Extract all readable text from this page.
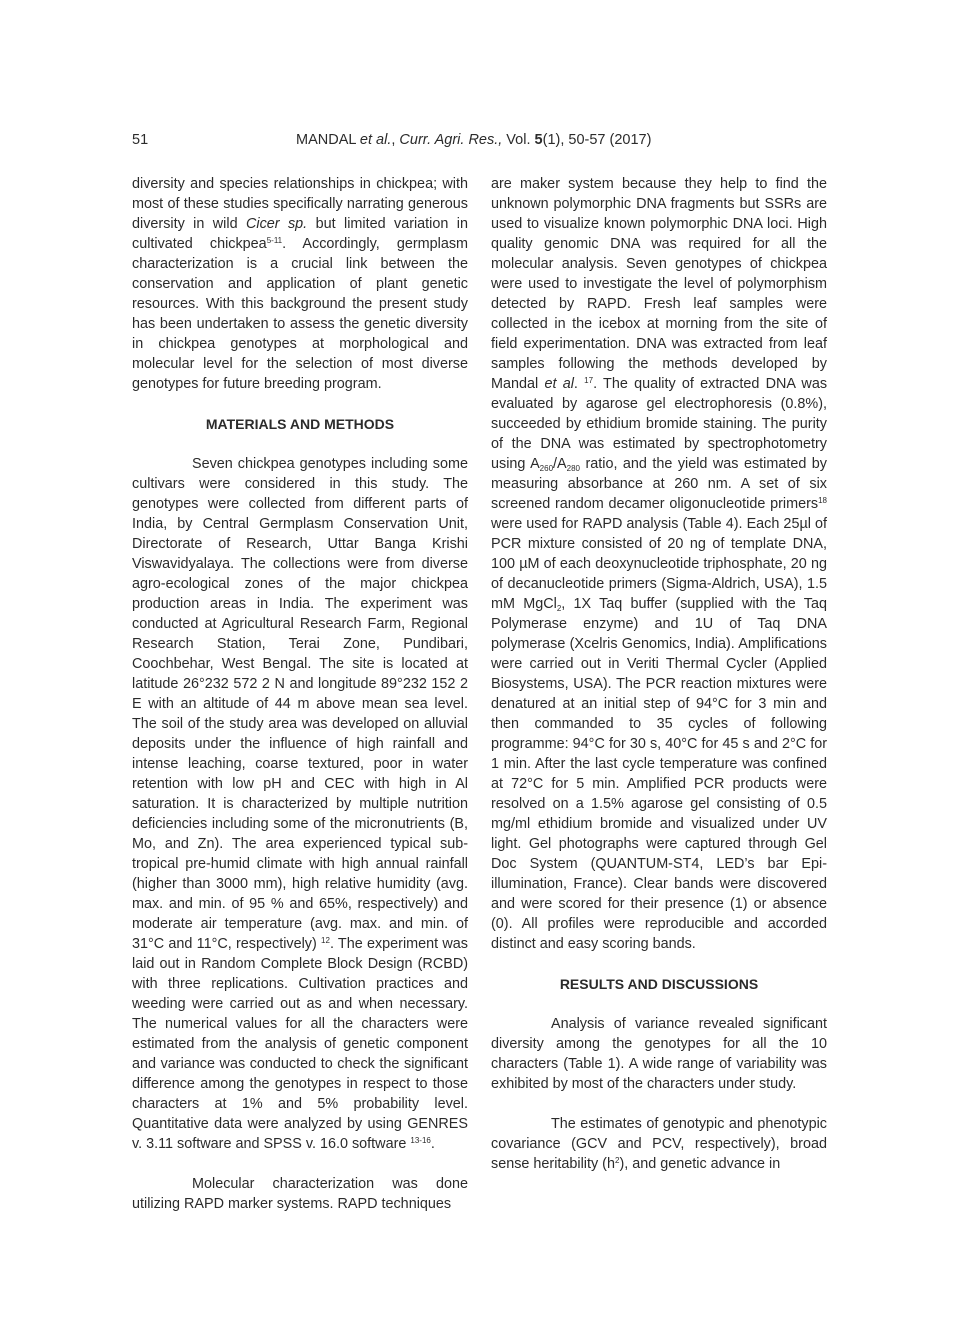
51	MANDAL et al., Curr. Agri. Res., Vol. 5(1), 50-57 (2017)

diversity and species relationships in chickpea; with most of these studies specifically narrating generous diversity in wild Cicer sp. but limited variation in cultivated chickpea$^{5-11}$. Accordingly, germplasm characterization is a crucial link between the conservation and application of plant genetic resources. With this background the present study has been undertaken to assess the genetic diversity in chickpea genotypes at morphological and molecular level for the selection of most diverse genotypes for future breeding program.

MATERIALS AND METHODS

Seven chickpea genotypes including some cultivars were considered in this study. The genotypes were collected from different parts of India, by Central Germplasm Conservation Unit, Directorate of Research, Uttar Banga Krishi Viswavidyalaya. The collections were from diverse agro-ecological zones of the major chickpea production areas in India. The experiment was conducted at Agricultural Research Farm, Regional Research Station, Terai Zone, Pundibari, Coochbehar, West Bengal. The site is located at latitude 26°232 572 2 N and longitude 89°232 152 2 E with an altitude of 44 m above mean sea level. The soil of the study area was developed on alluvial deposits under the influence of high rainfall and intense leaching, coarse textured, poor in water retention with low pH and CEC with high in Al saturation. It is characterized by multiple nutrition deficiencies including some of the micronutrients (B, Mo, and Zn). The area experienced typical sub-tropical pre-humid climate with high annual rainfall (higher than 3000 mm), high relative humidity (avg. max. and min. of 95 % and 65%, respectively) and moderate air temperature (avg. max. and min. of 31°C and 11°C, respectively) $^{12}$. The experiment was laid out in Random Complete Block Design (RCBD) with three replications. Cultivation practices and weeding were carried out as and when necessary. The numerical values for all the characters were estimated from the analysis of genetic component and variance was conducted to check the significant difference among the genotypes in respect to those characters at 1% and 5% probability level. Quantitative data were analyzed by using GENRES v. 3.11 software and SPSS v. 16.0 software $^{13-16}$.

Molecular characterization was done utilizing RAPD marker systems. RAPD techniques

are maker system because they help to find the unknown polymorphic DNA fragments but SSRs are used to visualize known polymorphic DNA loci. High quality genomic DNA was required for all the molecular analysis. Seven genotypes of chickpea were used to investigate the level of polymorphism detected by RAPD. Fresh leaf samples were collected in the icebox at morning from the site of field experimentation. DNA was extracted from leaf samples following the methods developed by Mandal et al. $^{17}$. The quality of extracted DNA was evaluated by agarose gel electrophoresis (0.8%), succeeded by ethidium bromide staining. The purity of the DNA was estimated by spectrophotometry using $A_{260}/A_{280}$ ratio, and the yield was estimated by measuring absorbance at 260 nm. A set of six screened random decamer oligonucleotide primers$^{18}$ were used for RAPD analysis (Table 4). Each 25µl of PCR mixture consisted of 20 ng of template DNA, 100 µM of each deoxynucleotide triphosphate, 20 ng of decanucleotide primers (Sigma-Aldrich, USA), 1.5 mM MgCl$_2$, 1X Taq buffer (supplied with the Taq Polymerase enzyme) and 1U of Taq DNA polymerase (Xcelris Genomics, India). Amplifications were carried out in Veriti Thermal Cycler (Applied Biosystems, USA). The PCR reaction mixtures were denatured at an initial step of 94°C for 3 min and then commanded to 35 cycles of following programme: 94°C for 30 s, 40°C for 45 s and 2°C for 1 min. After the last cycle temperature was confined at 72°C for 5 min. Amplified PCR products were resolved on a 1.5% agarose gel consisting of 0.5 mg/ml ethidium bromide and visualized under UV light. Gel photographs were captured through Gel Doc System (QUANTUM-ST4, LED’s bar Epi-illumination, France). Clear bands were discovered and were scored for their presence (1) or absence (0). All profiles were reproducible and accorded distinct and easy scoring bands.

RESULTS AND DISCUSSIONS

Analysis of variance revealed significant diversity among the genotypes for all the 10 characters (Table 1). A wide range of variability was exhibited by most of the characters under study.

The estimates of genotypic and phenotypic covariance (GCV and PCV, respectively), broad sense heritability $(h^2)$, and genetic advance in
